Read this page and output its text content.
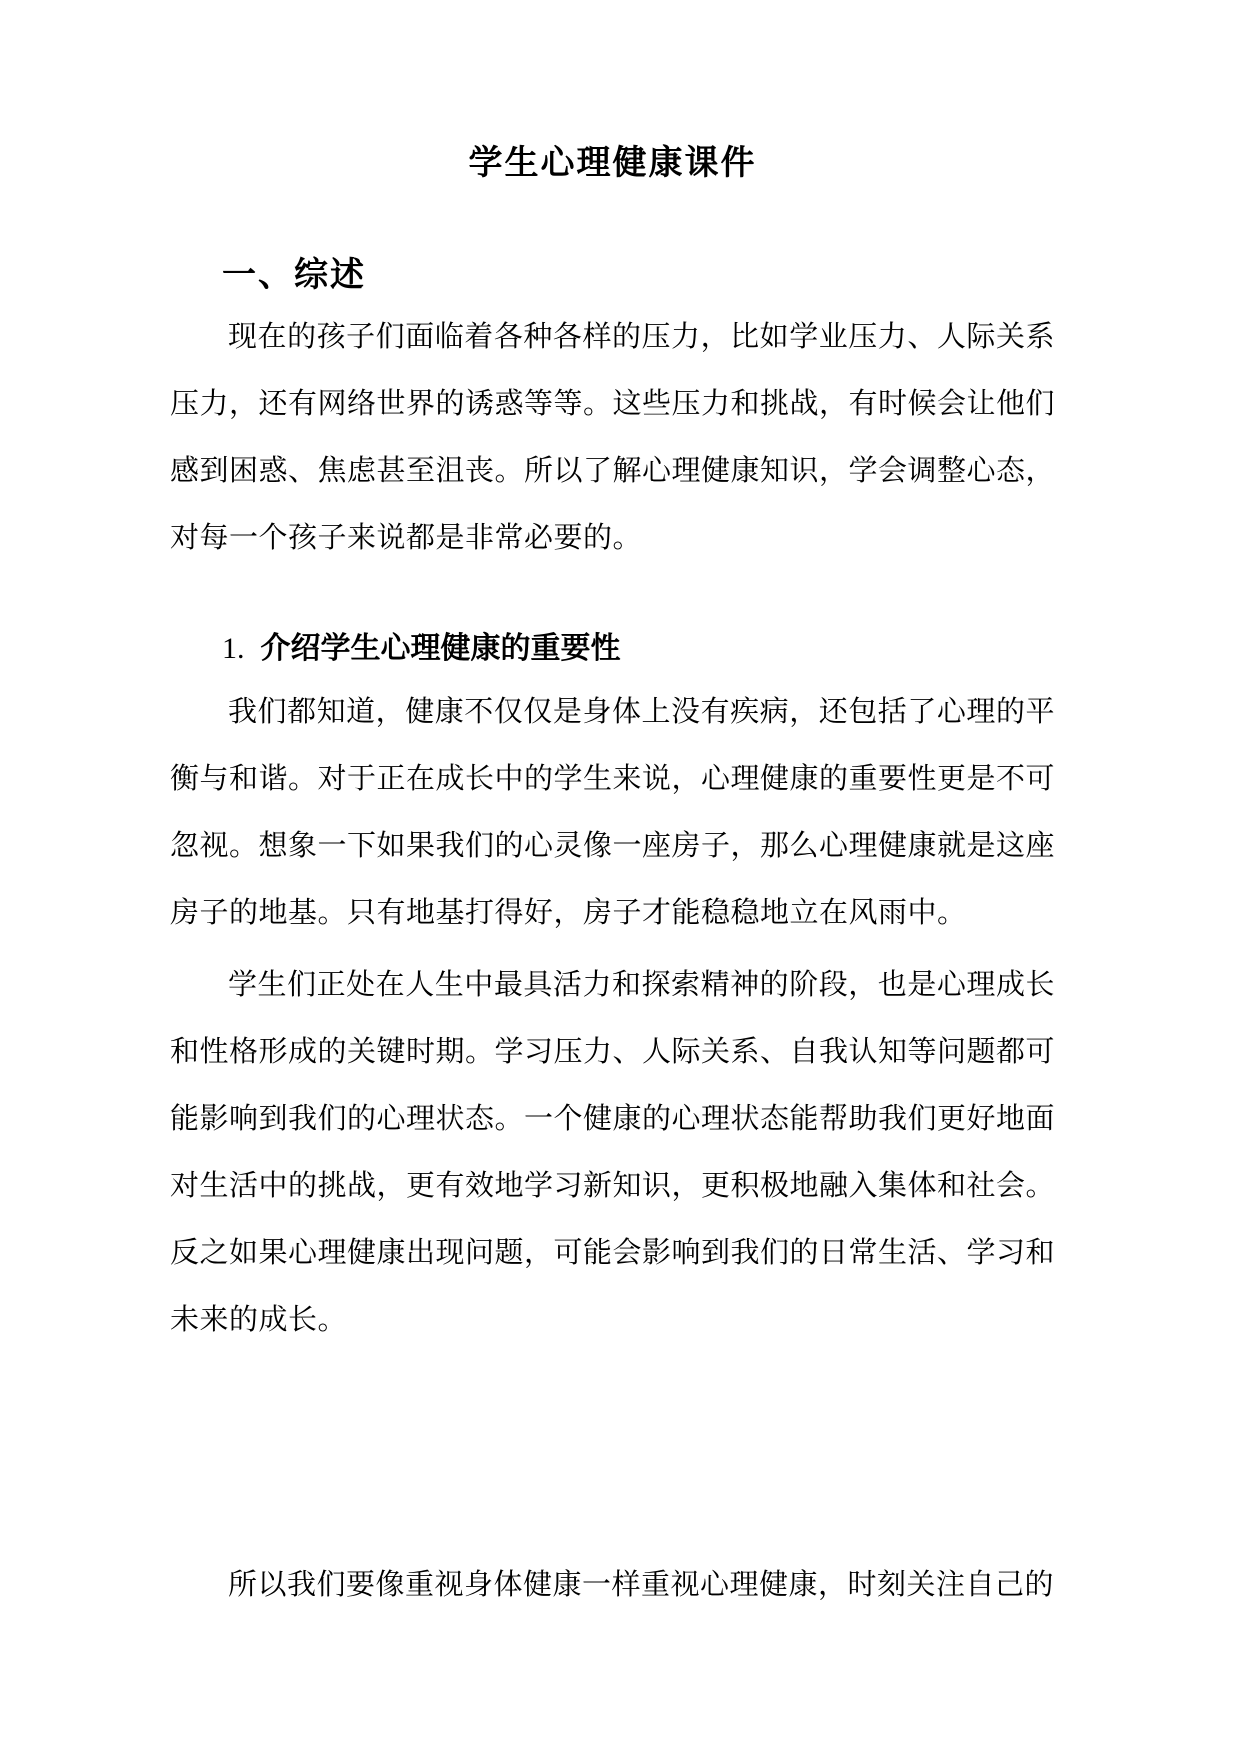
学生心理健康课件
一、综述

现在的孩子们面临着各种各样的压力，比如学业压力、人际关系压力，还有网络世界的诱惑等等。这些压力和挑战，有时候会让他们感到困惑、焦虑甚至沮丧。所以了解心理健康知识，学会调整心态，对每一个孩子来说都是非常必要的。

1. 介绍学生心理健康的重要性

我们都知道，健康不仅仅是身体上没有疾病，还包括了心理的平衡与和谐。对于正在成长中的学生来说，心理健康的重要性更是不可忽视。想象一下如果我们的心灵像一座房子，那么心理健康就是这座房子的地基。只有地基打得好，房子才能稳稳地立在风雨中。

学生们正处在人生中最具活力和探索精神的阶段，也是心理成长和性格形成的关键时期。学习压力、人际关系、自我认知等问题都可能影响到我们的心理状态。一个健康的心理状态能帮助我们更好地面对生活中的挑战，更有效地学习新知识，更积极地融入集体和社会。反之如果心理健康出现问题，可能会影响到我们的日常生活、学习和未来的成长。

所以我们要像重视身体健康一样重视心理健康，时刻关注自己的
